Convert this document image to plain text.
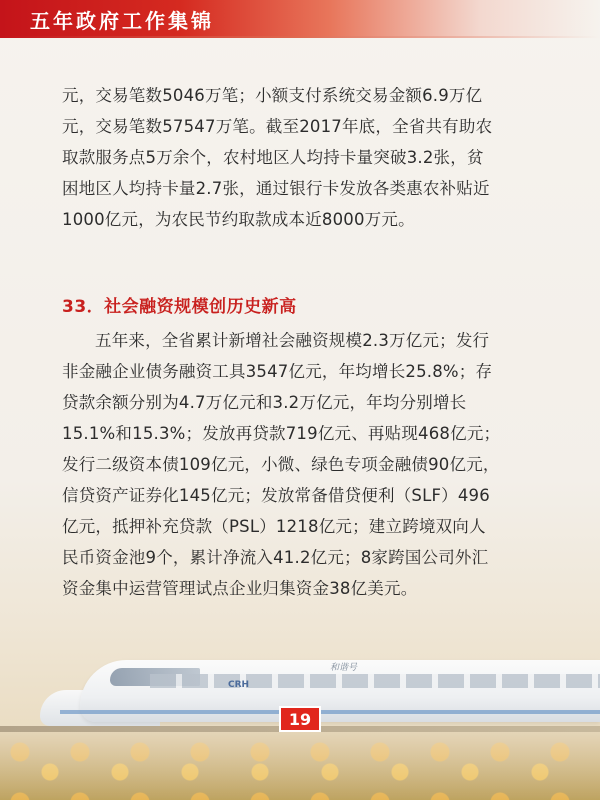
五年政府工作集锦

元，交易笔数5046万笔；小额支付系统交易金额6.9万亿
元，交易笔数57547万笔。截至2017年底，全省共有助农
取款服务点5万余个，农村地区人均持卡量突破3.2张，贫
困地区人均持卡量2.7张，通过银行卡发放各类惠农补贴近
1000亿元，为农民节约取款成本近8000万元。

33．社会融资规模创历史新高

五年来，全省累计新增社会融资规模2.3万亿元；发行
非金融企业债务融资工具3547亿元，年均增长25.8%；存
贷款余额分别为4.7万亿元和3.2万亿元，年均分别增长
15.1%和15.3%；发放再贷款719亿元、再贴现468亿元；
发行二级资本债109亿元，小微、绿色专项金融债90亿元，
信贷资产证券化145亿元；发放常备借贷便利（SLF）496
亿元，抵押补充贷款（PSL）1218亿元；建立跨境双向人
民币资金池9个，累计净流入41.2亿元；8家跨国公司外汇
资金集中运营管理试点企业归集资金38亿美元。

CRH
和谐号
19
